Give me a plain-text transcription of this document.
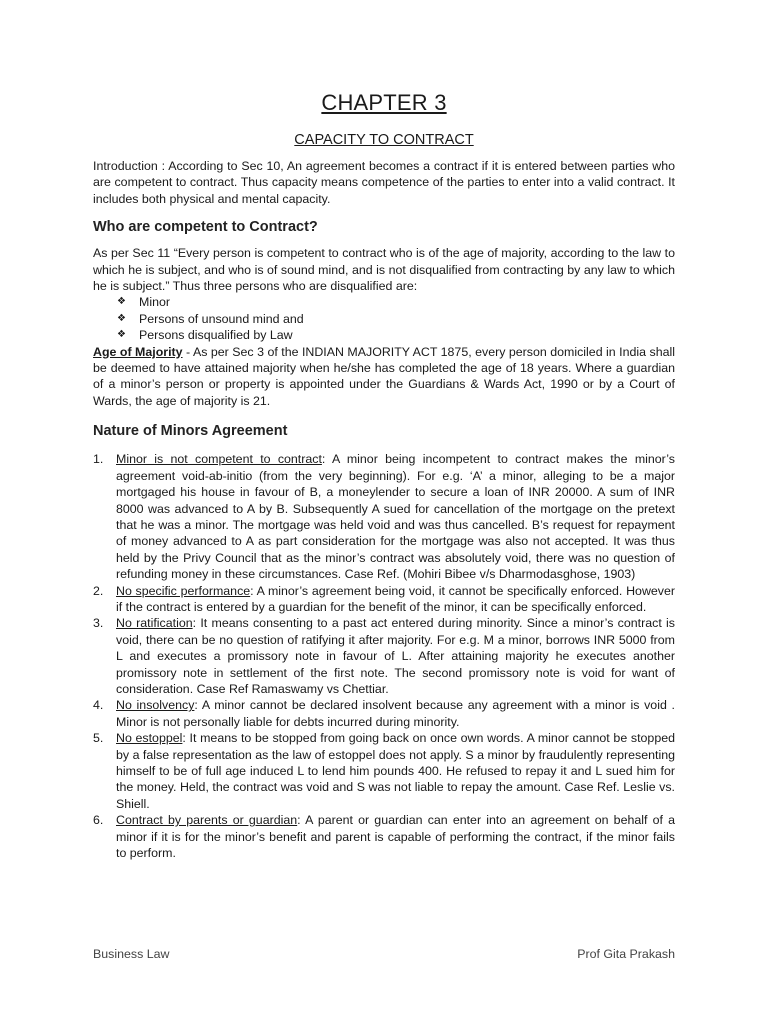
CHAPTER 3
CAPACITY TO CONTRACT

Introduction : According to Sec 10, An agreement becomes a contract if it is entered between parties who are competent to contract. Thus capacity means competence of the parties to enter into a valid contract. It includes both physical and mental capacity.

Who are competent to Contract?

As per Sec 11 “Every person is competent to contract who is of the age of majority, according to the law to which he is subject, and who is of sound mind, and is not disqualified from contracting by any law to which he is subject.” Thus three persons who are disqualified are:

❖	Minor
❖	Persons of unsound mind and
❖	Persons disqualified by Law

Age of Majority - As per Sec 3 of the INDIAN MAJORITY ACT 1875, every person domiciled in India shall be deemed to have attained majority when he/she has completed the age of 18 years. Where a guardian of a minor’s person or property is appointed under the Guardians & Wards Act, 1990 or by a Court of Wards, the age of majority is 21.

Nature of Minors Agreement
1.	Minor is not competent to contract: A minor being incompetent to contract makes the minor’s agreement void-ab-initio (from the very beginning). For e.g. ‘A’ a minor, alleging to be a major mortgaged his house in favour of B, a moneylender to secure a loan of INR 20000. A sum of INR 8000 was advanced to A by B. Subsequently A sued for cancellation of the mortgage on the pretext that he was a minor. The mortgage was held void and was thus cancelled. B’s request for repayment of money advanced to A as part consideration for the mortgage was also not accepted. It was thus held by the Privy Council that as the minor’s contract was absolutely void, there was no question of refunding money in these circumstances. Case Ref. (Mohiri Bibee v/s Dharmodasghose, 1903)
2.	No specific performance: A minor’s agreement being void, it cannot be specifically enforced. However if the contract is entered by a guardian for the benefit of the minor, it can be specifically enforced.
3.	No ratification: It means consenting to a past act entered during minority. Since a minor’s contract is void, there can be no question of ratifying it after majority. For e.g. M a minor, borrows INR 5000 from L and executes a promissory note in favour of L. After attaining majority he executes another promissory note in settlement of the first note. The second promissory note is void for want of consideration. Case Ref Ramaswamy vs Chettiar.
4.	No insolvency: A minor cannot be declared insolvent because any agreement with a minor is void . Minor is not personally liable for debts incurred during minority.
5.	No estoppel: It means to be stopped from going back on once own words. A minor cannot be stopped by a false representation as the law of estoppel does not apply. S a minor by fraudulently representing himself to be of full age induced L to lend him pounds 400. He refused to repay it and L sued him for the money. Held, the contract was void and S was not liable to repay the amount. Case Ref. Leslie vs. Shiell.
6.	Contract by parents or guardian: A parent or guardian can enter into an agreement on behalf of a minor if it is for the minor’s benefit and parent is capable of performing the contract, if the minor fails to perform.
Business Law	Prof Gita Prakash
